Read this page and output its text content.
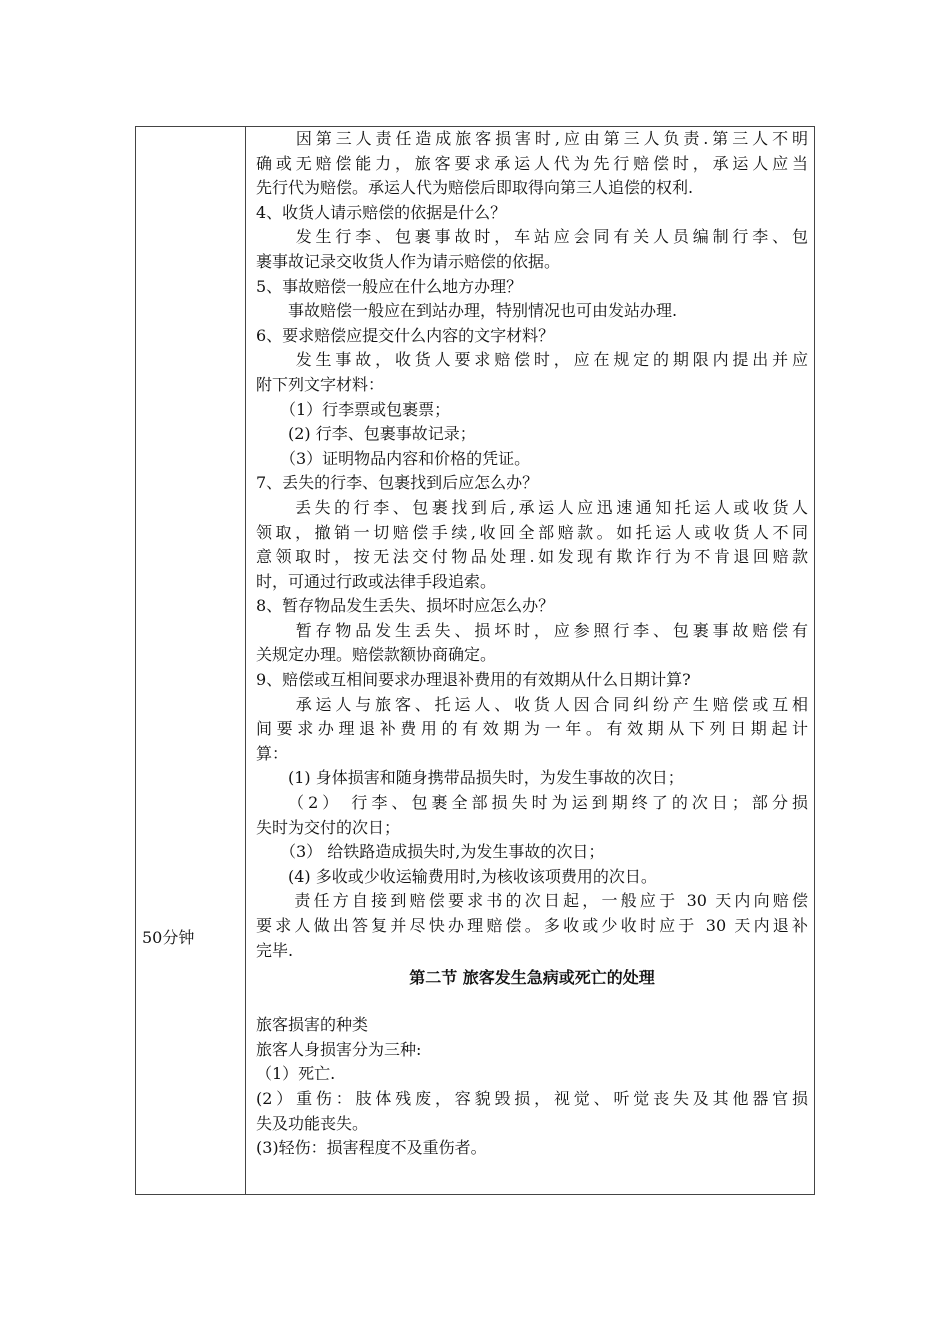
50分钟
　　因第三人责任造成旅客损害时,应由第三人负责.第三人不明
确或无赔偿能力，旅客要求承运人代为先行赔偿时，承运人应当
先行代为赔偿。承运人代为赔偿后即取得向第三人追偿的权利.
4、收货人请示赔偿的依据是什么？
　　发生行李、包裹事故时，车站应会同有关人员编制行李、包
裹事故记录交收货人作为请示赔偿的依据。
5、事故赔偿一般应在什么地方办理？
　　事故赔偿一般应在到站办理，特别情况也可由发站办理.
6、要求赔偿应提交什么内容的文字材料？
　　发生事故，收货人要求赔偿时，应在规定的期限内提出并应
附下列文字材料：
　　（1）行李票或包裹票；
　　(2) 行李、包裹事故记录；
　　（3）证明物品内容和价格的凭证。
7、丢失的行李、包裹找到后应怎么办？
　　丢失的行李、包裹找到后,承运人应迅速通知托运人或收货人
领取，撤销一切赔偿手续,收回全部赔款。如托运人或收货人不同
意领取时，按无法交付物品处理.如发现有欺诈行为不肯退回赔款
时，可通过行政或法律手段追索。
8、暂存物品发生丢失、损坏时应怎么办？
　　暂存物品发生丢失、损坏时，应参照行李、包裹事故赔偿有
关规定办理。赔偿款额协商确定。
9、赔偿或互相间要求办理退补费用的有效期从什么日期计算?
　　承运人与旅客、托运人、收货人因合同纠纷产生赔偿或互相
间要求办理退补费用的有效期为一年。有效期从下列日期起计
算：
　　(1) 身体损害和随身携带品损失时，为发生事故的次日；
　　（2） 行李、包裹全部损失时为运到期终了的次日；部分损
失时为交付的次日；
　　（3） 给铁路造成损失时,为发生事故的次日；
　　(4) 多收或少收运输费用时,为核收该项费用的次日。
　　责任方自接到赔偿要求书的次日起，一般应于 30 天内向赔偿
要求人做出答复并尽快办理赔偿。多收或少收时应于 30 天内退补
完毕.
第二节 旅客发生急病或死亡的处理
旅客损害的种类
旅客人身损害分为三种:
（1）死亡.
(2）重伤：肢体残废，容貌毁损，视觉、听觉丧失及其他器官损
失及功能丧失。
(3)轻伤：损害程度不及重伤者。
